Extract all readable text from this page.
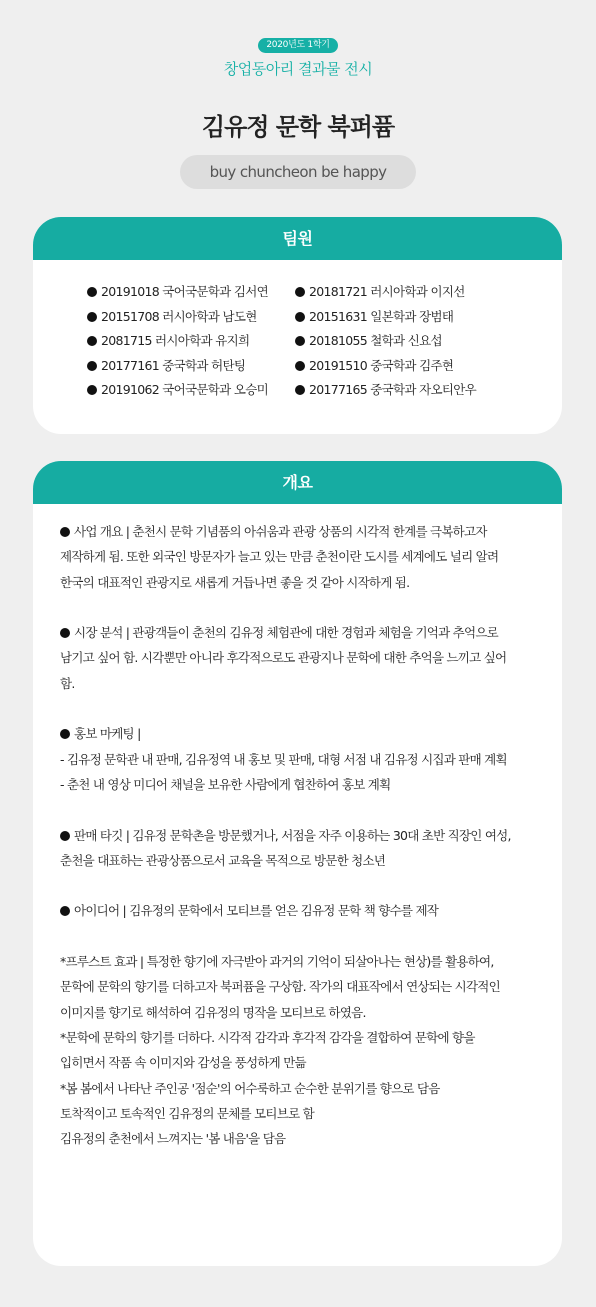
2020년도 1학기
창업동아리 결과물 전시
김유정 문학 북퍼퓸
buy chuncheon be happy
팀원
20191018 국어국문학과 김서연	20181721 러시아학과 이지선
20151708 러시아학과 남도현	20151631 일본학과 장범태
2081715 러시아학과 유지희	20181055 철학과 신요섭
20177161 중국학과 허탄팅	20191510 중국학과 김주현
20191062 국어국문학과 오승미	20177165 중국학과 자오티안우
개요
사업 개요 | 춘천시 문학 기념품의 아쉬움과 관광 상품의 시각적 한계를 극복하고자
제작하게 됨. 또한 외국인 방문자가 늘고 있는 만큼 춘천이란 도시를 세계에도 널리 알려
한국의 대표적인 관광지로 새롭게 거듭나면 좋을 것 같아 시작하게 됨.
시장 분석 | 관광객들이 춘천의 김유정 체험관에 대한 경험과 체험을 기억과 추억으로
남기고 싶어 함. 시각뿐만 아니라 후각적으로도 관광지나 문학에 대한 추억을 느끼고 싶어
함.
홍보 마케팅 |
- 김유정 문학관 내 판매, 김유정역 내 홍보 및 판매, 대형 서점 내 김유정 시집과 판매 계획
- 춘천 내 영상 미디어 채널을 보유한 사람에게 협찬하여 홍보 계획
판매 타깃 | 김유정 문학촌을 방문했거나, 서점을 자주 이용하는 30대 초반 직장인 여성,
춘천을 대표하는 관광상품으로서 교육을 목적으로 방문한 청소년
아이디어 | 김유정의 문학에서 모티브를 얻은 김유정 문학 책 향수를 제작
*프루스트 효과 | 특정한 향기에 자극받아 과거의 기억이 되살아나는 현상)를 활용하여,
문학에 문학의 향기를 더하고자 북퍼퓸을 구상함. 작가의 대표작에서 연상되는 시각적인
이미지를 향기로 해석하여 김유정의 명작을 모티브로 하였음.
*문학에 문학의 향기를 더하다. 시각적 감각과 후각적 감각을 결합하여 문학에 향을
입히면서 작품 속 이미지와 감성을 풍성하게 만듦
*봄 봄에서 나타난 주인공 '점순'의 어수룩하고 순수한 분위기를 향으로 담음
토착적이고 토속적인 김유정의 문체를 모티브로 함
김유정의 춘천에서 느껴지는 '봄 내음'을 담음
